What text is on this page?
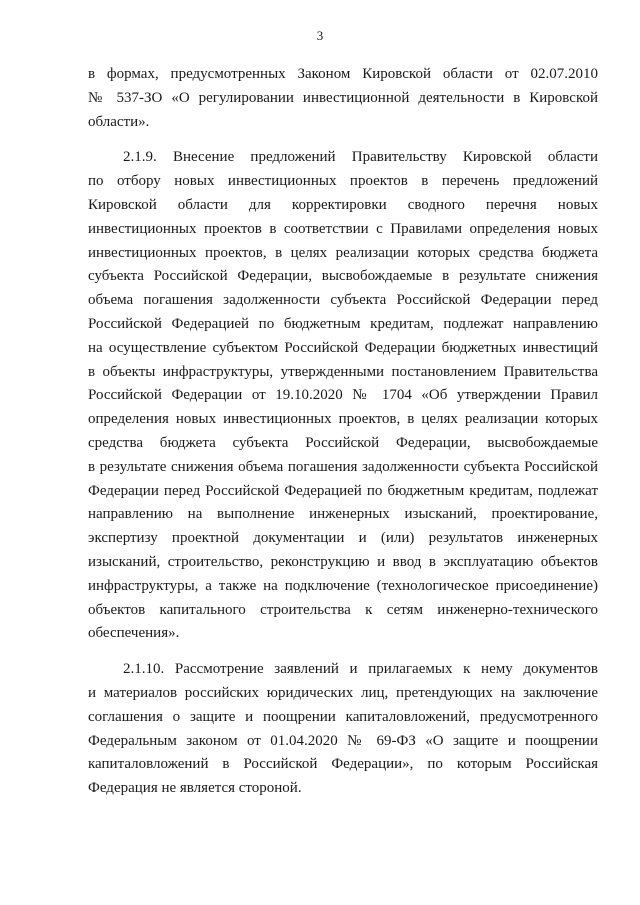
3
в формах, предусмотренных Законом Кировской области от 02.07.2010
№ 537-ЗО «О регулировании инвестиционной деятельности в Кировской
области».
2.1.9. Внесение предложений Правительству Кировской области
по отбору новых инвестиционных проектов в перечень предложений
Кировской области для корректировки сводного перечня новых
инвестиционных проектов в соответствии с Правилами определения новых
инвестиционных проектов, в целях реализации которых средства бюджета
субъекта Российской Федерации, высвобождаемые в результате снижения
объема погашения задолженности субъекта Российской Федерации перед
Российской Федерацией по бюджетным кредитам, подлежат направлению
на осуществление субъектом Российской Федерации бюджетных инвестиций
в объекты инфраструктуры, утвержденными постановлением Правительства
Российской Федерации от 19.10.2020 № 1704 «Об утверждении Правил
определения новых инвестиционных проектов, в целях реализации которых
средства бюджета субъекта Российской Федерации, высвобождаемые
в результате снижения объема погашения задолженности субъекта Российской
Федерации перед Российской Федерацией по бюджетным кредитам, подлежат
направлению на выполнение инженерных изысканий, проектирование,
экспертизу проектной документации и (или) результатов инженерных
изысканий, строительство, реконструкцию и ввод в эксплуатацию объектов
инфраструктуры, а также на подключение (технологическое присоединение)
объектов капитального строительства к сетям инженерно-технического
обеспечения».
2.1.10. Рассмотрение заявлений и прилагаемых к нему документов
и материалов российских юридических лиц, претендующих на заключение
соглашения о защите и поощрении капиталовложений, предусмотренного
Федеральным законом от 01.04.2020 № 69-ФЗ «О защите и поощрении
капиталовложений в Российской Федерации», по которым Российская
Федерация не является стороной.
